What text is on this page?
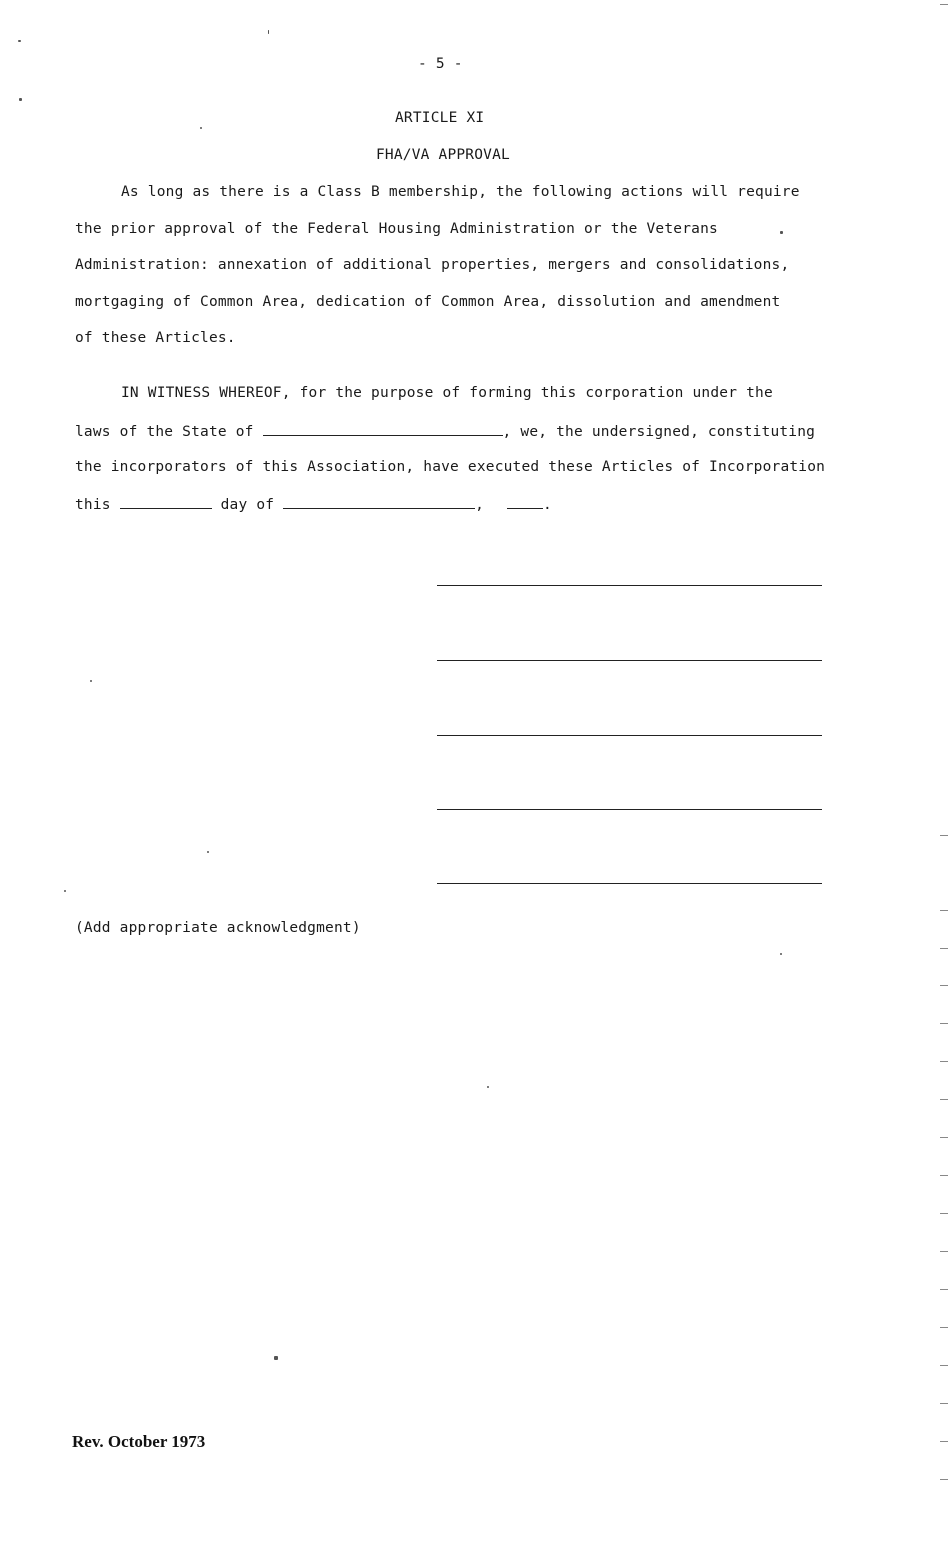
- 5 -
ARTICLE XI
FHA/VA APPROVAL
As long as there is a Class B membership, the following actions will require
the prior approval of the Federal Housing Administration or the Veterans
Administration: annexation of additional properties, mergers and consolidations,
mortgaging of Common Area, dedication of Common Area, dissolution and amendment
of these Articles.
IN WITNESS WHEREOF, for the purpose of forming this corporation under the
laws of the State of	, we, the undersigned, constituting
the incorporators of this Association, have executed these Articles of Incorporation
this	day of	,	.
(Add appropriate acknowledgment)
Rev. October 1973
